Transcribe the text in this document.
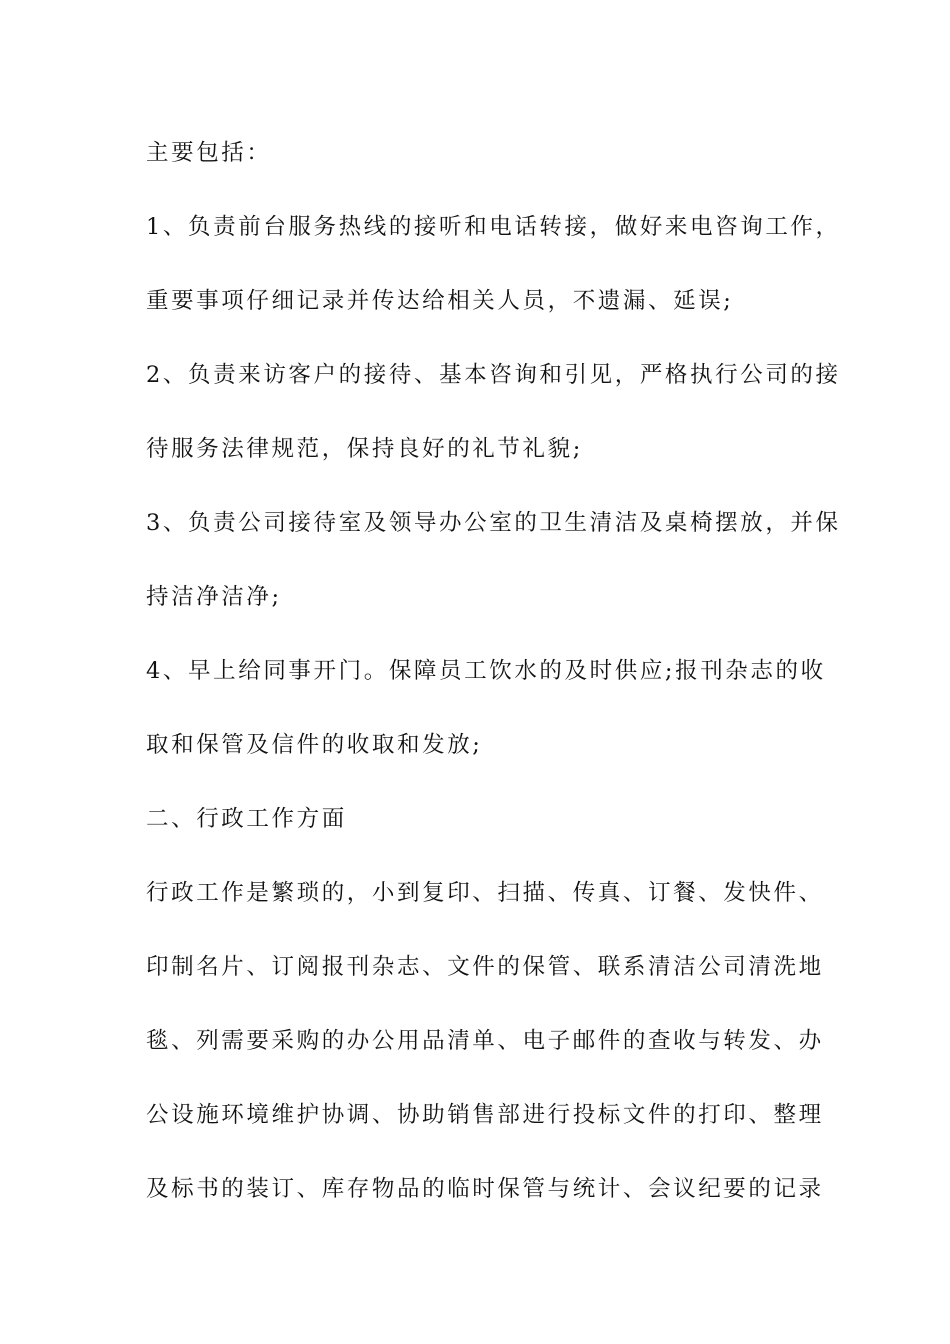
主要包括：
1、负责前台服务热线的接听和电话转接，做好来电咨询工作，
重要事项仔细记录并传达给相关人员，不遗漏、延误;
2、负责来访客户的接待、基本咨询和引见，严格执行公司的接
待服务法律规范，保持良好的礼节礼貌;
3、负责公司接待室及领导办公室的卫生清洁及桌椅摆放，并保
持洁净洁净;
4、早上给同事开门。保障员工饮水的及时供应;报刊杂志的收
取和保管及信件的收取和发放;
二、行政工作方面
行政工作是繁琐的，小到复印、扫描、传真、订餐、发快件、
印制名片、订阅报刊杂志、文件的保管、联系清洁公司清洗地
毯、列需要采购的办公用品清单、电子邮件的查收与转发、办
公设施环境维护协调、协助销售部进行投标文件的打印、整理
及标书的装订、库存物品的临时保管与统计、会议纪要的记录
